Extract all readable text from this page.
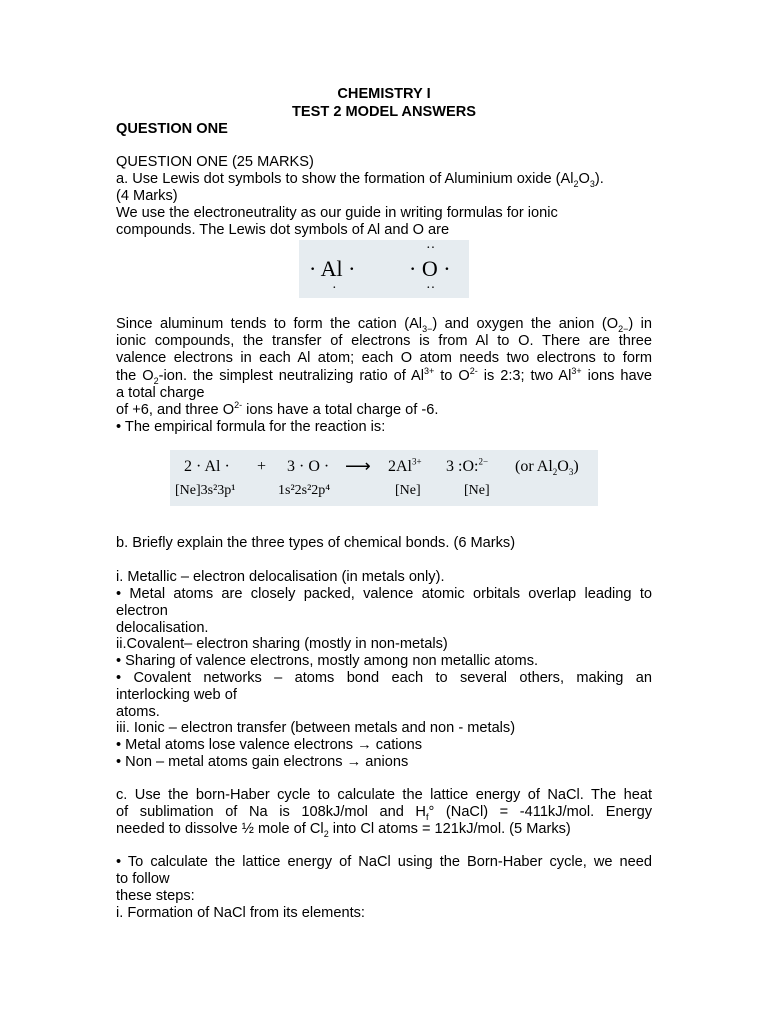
CHEMISTRY I
TEST 2 MODEL ANSWERS
QUESTION ONE
QUESTION ONE (25 MARKS)
a. Use Lewis dot symbols to show the formation of Aluminium oxide $(Al_2O_3)$.
(4 Marks)
We use the electroneutrality as our guide in writing formulas for ionic
compounds. The Lewis dot symbols of Al and O are
· Al ·
·
· O ·
··
··
Since aluminum tends to form the cation $(Al_{3-})$ and oxygen the anion $(O_{2-})$ in
ionic compounds, the transfer of electrons is from Al to O. There are three
valence electrons in each Al atom; each O atom needs two electrons to form
the $O_2$-ion. the simplest neutralizing ratio of $Al^{3+}$ to $O^{2-}$ is 2:3; two $Al^{3+}$ ions have
a total charge
of +6, and three $O^{2-}$ ions have a total charge of -6.
• The empirical formula for the reaction is:
2 · Al · + 3 · O · ⟶ $2Al^{3+}$ 3 :O:$^{2-}$ (or $Al_2O_3$)
[Ne]3s²3p¹	1s²2s²2p⁴	[Ne]	[Ne]
b. Briefly explain the three types of chemical bonds. (6 Marks)
i. Metallic – electron delocalisation (in metals only).
• Metal atoms are closely packed, valence atomic orbitals overlap leading to
electron
delocalisation.
ii.Covalent– electron sharing (mostly in non-metals)
• Sharing of valence electrons, mostly among non metallic atoms.
• Covalent networks – atoms bond each to several others, making an
interlocking web of
atoms.
iii. Ionic – electron transfer (between metals and non - metals)
• Metal atoms lose valence electrons → cations
• Non – metal atoms gain electrons → anions
c. Use the born-Haber cycle to calculate the lattice energy of NaCl. The heat
of sublimation of Na is 108kJ/mol and $H_f^\circ$ (NaCl) = -411kJ/mol. Energy
needed to dissolve ½ mole of $Cl_2$ into Cl atoms = 121kJ/mol. (5 Marks)
• To calculate the lattice energy of NaCl using the Born-Haber cycle, we need
to follow
these steps:
i. Formation of NaCl from its elements:
